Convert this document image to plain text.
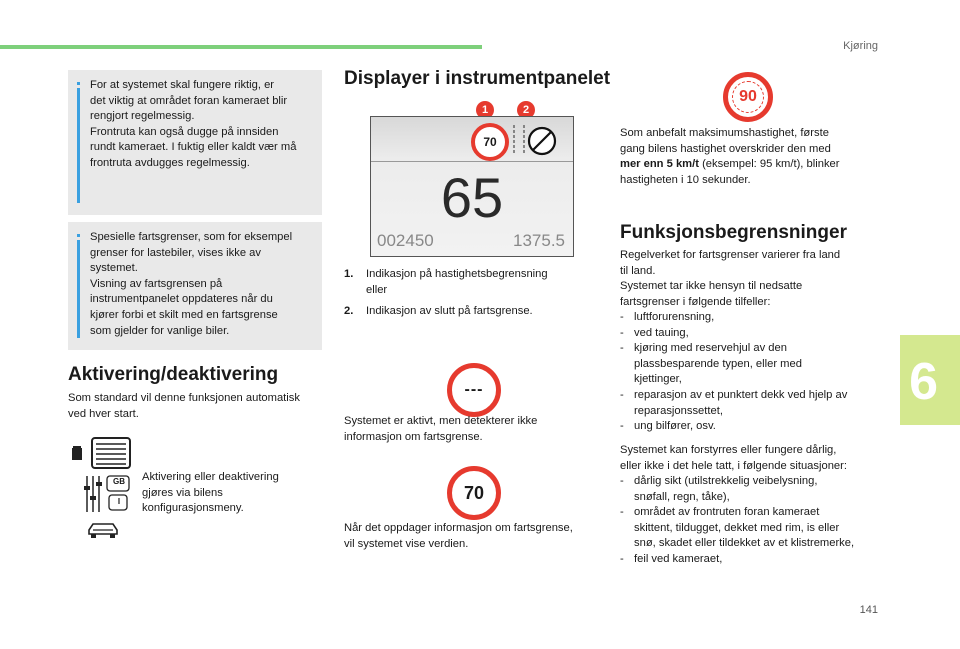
Kjøring
6
141

For at systemet skal fungere riktig, er
det viktig at området foran kameraet blir
rengjort regelmessig.
Frontruta kan også dugge på innsiden
rundt kameraet. I fuktig eller kaldt vær må
frontruta avdugges regelmessig.

Spesielle fartsgrenser, som for eksempel
grenser for lastebiler, vises ikke av
systemet.
Visning av fartsgrensen på
instrumentpanelet oppdateres når du
kjører forbi et skilt med en fartsgrense
som gjelder for vanlige biler.

Aktivering/deaktivering

Som standard vil denne funksjonen automatisk
ved hver start.

GB
I

Aktivering eller deaktivering
gjøres via bilens
konfigurasjonsmeny.

Displayer i instrumentpanelet
1	2
70
65
002450	1375.5
1. Indikasjon på hastighetsbegrensning
eller
2. Indikasjon av slutt på fartsgrense.
---

Systemet er aktivt, men detekterer ikke
informasjon om fartsgrense.

70

Når det oppdager informasjon om fartsgrense,
vil systemet vise verdien.

90

Som anbefalt maksimumshastighet, første
gang bilens hastighet overskrider den med
mer enn 5 km/t (eksempel: 95 km/t), blinker
hastigheten i 10 sekunder.

Funksjonsbegrensninger

Regelverket for fartsgrenser varierer fra land
til land.
Systemet tar ikke hensyn til nedsatte
fartsgrenser i følgende tilfeller:

- luftforurensning,
- ved tauing,
- kjøring med reservehjul av den
plassbesparende typen, eller med
kjettinger,
- reparasjon av et punktert dekk ved hjelp av
reparasjonssettet,
- ung bilfører, osv.

Systemet kan forstyrres eller fungere dårlig,
eller ikke i det hele tatt, i følgende situasjoner:

- dårlig sikt (utilstrekkelig veibelysning,
snøfall, regn, tåke),
- området av frontruten foran kameraet
skittent, tildugget, dekket med rim, is eller
snø, skadet eller tildekket av et klistremerke,
- feil ved kameraet,
